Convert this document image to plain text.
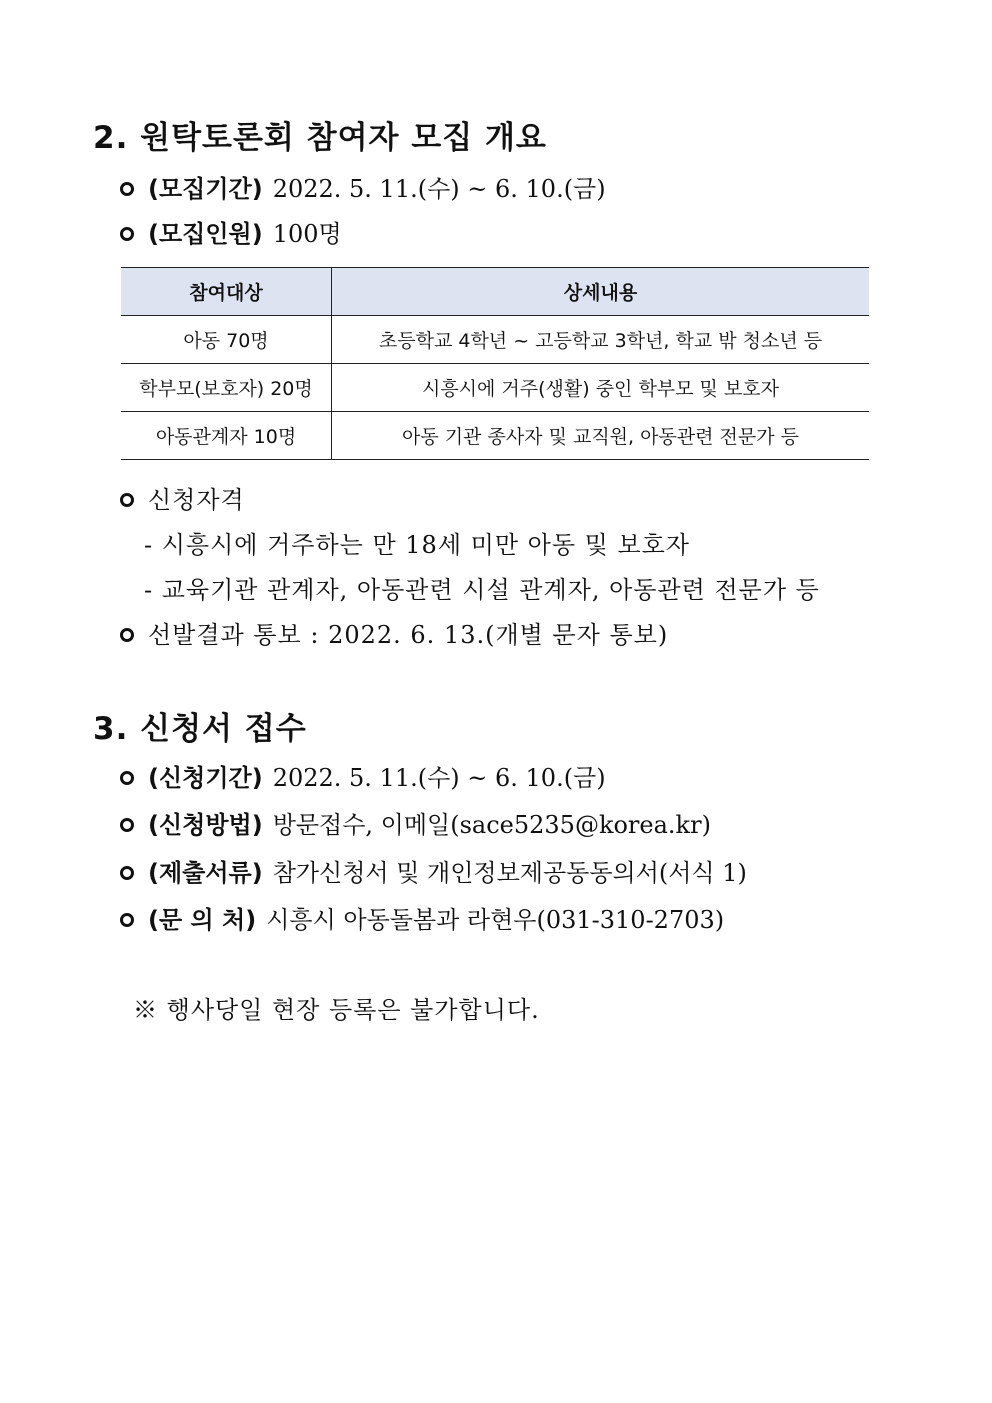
2. 원탁토론회 참여자 모집 개요
(모집기간) 2022. 5. 11.(수) ~ 6. 10.(금)
(모집인원) 100명
참여대상	상세내용
아동 70명	초등학교 4학년 ~ 고등학교 3학년, 학교 밖 청소년 등
학부모(보호자) 20명	시흥시에 거주(생활) 중인 학부모 및 보호자
아동관계자 10명	아동 기관 종사자 및 교직원, 아동관련 전문가 등
신청자격
- 시흥시에 거주하는 만 18세 미만 아동 및 보호자
- 교육기관 관계자, 아동관련 시설 관계자, 아동관련 전문가 등
선발결과 통보 : 2022. 6. 13.(개별 문자 통보)
3. 신청서 접수
(신청기간) 2022. 5. 11.(수) ~ 6. 10.(금)
(신청방법) 방문접수, 이메일(sace5235@korea.kr)
(제출서류) 참가신청서 및 개인정보제공동동의서(서식 1)
(문 의 처) 시흥시 아동돌봄과 라현우(031-310-2703)
※ 행사당일 현장 등록은 불가합니다.
